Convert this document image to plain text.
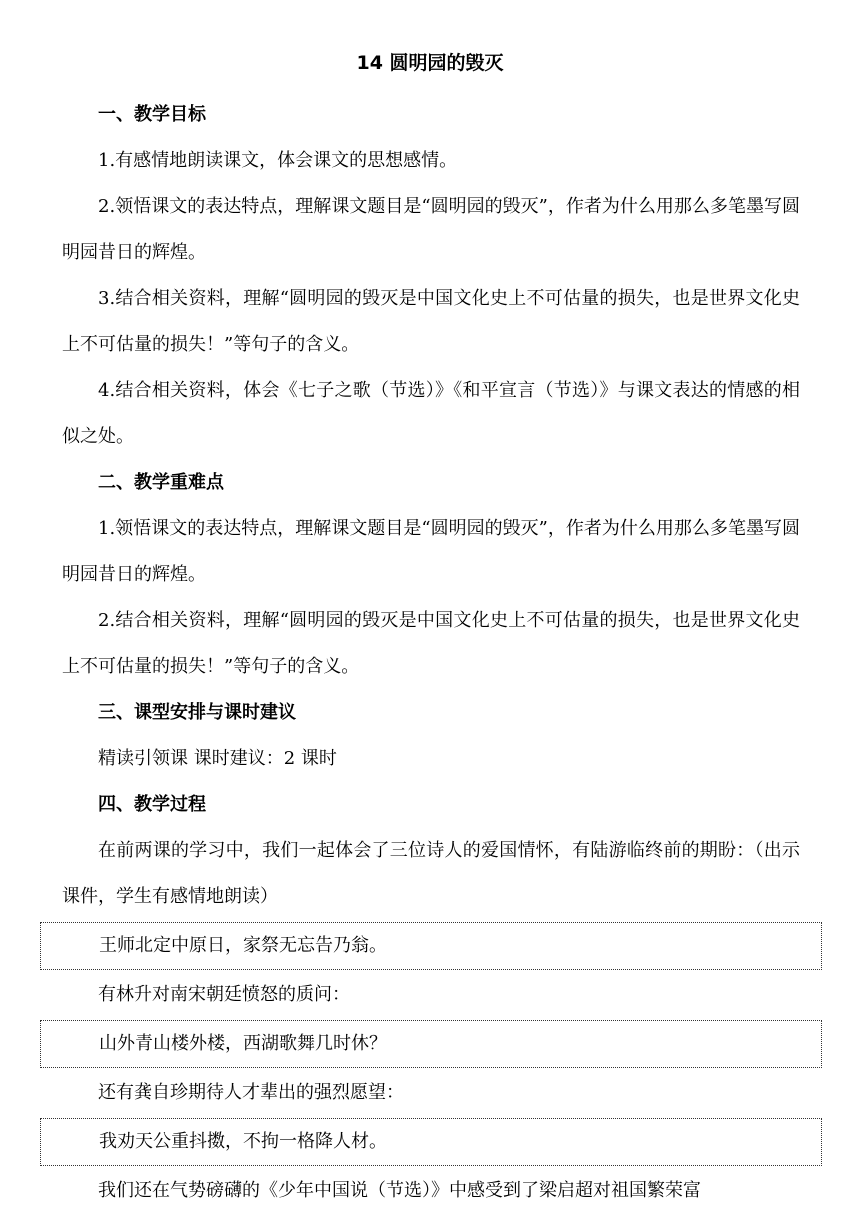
14 圆明园的毁灭

一、教学目标

1.有感情地朗读课文，体会课文的思想感情。

2.领悟课文的表达特点，理解课文题目是“圆明园的毁灭”，作者为什么用那么多笔墨写圆明园昔日的辉煌。

3.结合相关资料，理解“圆明园的毁灭是中国文化史上不可估量的损失，也是世界文化史上不可估量的损失！”等句子的含义。

4.结合相关资料，体会《七子之歌（节选）》《和平宣言（节选）》与课文表达的情感的相似之处。

二、教学重难点

1.领悟课文的表达特点，理解课文题目是“圆明园的毁灭”，作者为什么用那么多笔墨写圆明园昔日的辉煌。

2.结合相关资料，理解“圆明园的毁灭是中国文化史上不可估量的损失，也是世界文化史上不可估量的损失！”等句子的含义。

三、课型安排与课时建议

精读引领课 课时建议：2 课时

四、教学过程

在前两课的学习中，我们一起体会了三位诗人的爱国情怀，有陆游临终前的期盼：（出示课件，学生有感情地朗读）

王师北定中原日，家祭无忘告乃翁。

有林升对南宋朝廷愤怒的质问：

山外青山楼外楼，西湖歌舞几时休？

还有龚自珍期待人才辈出的强烈愿望：

我劝天公重抖擞，不拘一格降人材。

我们还在气势磅礴的《少年中国说（节选）》中感受到了梁启超对祖国繁荣富
